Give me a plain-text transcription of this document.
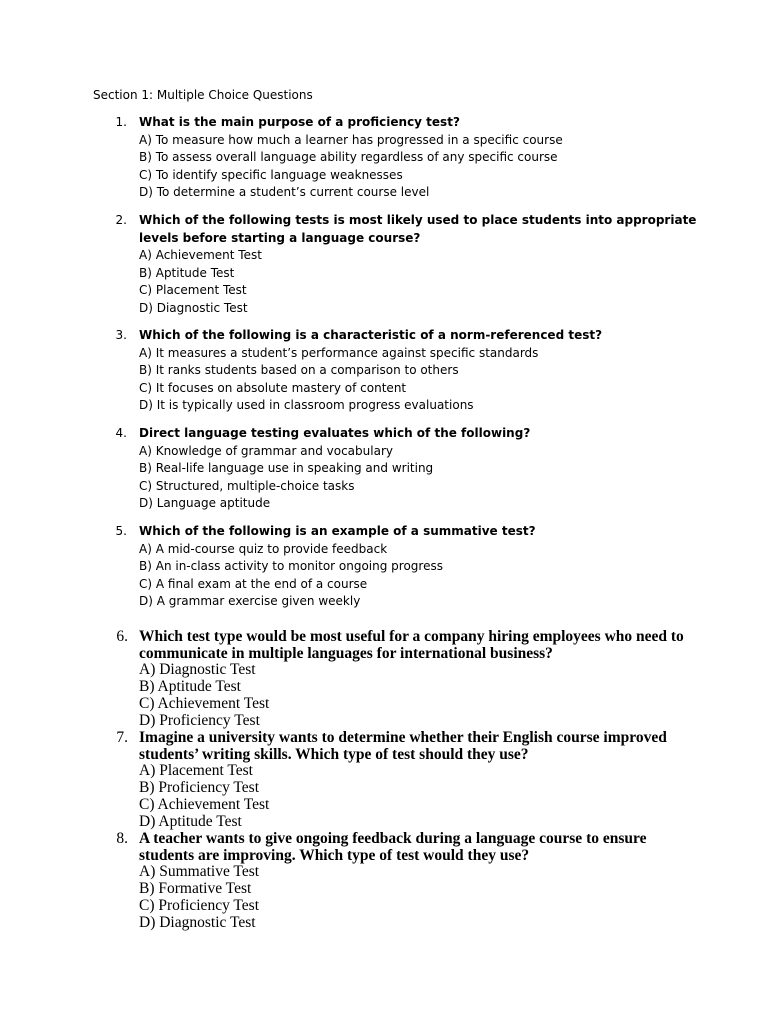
Section 1: Multiple Choice Questions

1. What is the main purpose of a proficiency test?

A) To measure how much a learner has progressed in a specific course
B) To assess overall language ability regardless of any specific course
C) To identify specific language weaknesses
D) To determine a student’s current course level
2. Which of the following tests is most likely used to place students into appropriate levels before starting a language course?

A) Achievement Test
B) Aptitude Test
C) Placement Test
D) Diagnostic Test
3. Which of the following is a characteristic of a norm-referenced test?

A) It measures a student’s performance against specific standards
B) It ranks students based on a comparison to others
C) It focuses on absolute mastery of content
D) It is typically used in classroom progress evaluations
4. Direct language testing evaluates which of the following?

A) Knowledge of grammar and vocabulary
B) Real-life language use in speaking and writing
C) Structured, multiple-choice tasks
D) Language aptitude
5. Which of the following is an example of a summative test?

A) A mid-course quiz to provide feedback
B) An in-class activity to monitor ongoing progress
C) A final exam at the end of a course
D) A grammar exercise given weekly
6. Which test type would be most useful for a company hiring employees who need to communicate in multiple languages for international business?

A) Diagnostic Test
B) Aptitude Test
C) Achievement Test
D) Proficiency Test
7. Imagine a university wants to determine whether their English course improved students’ writing skills. Which type of test should they use?

A) Placement Test
B) Proficiency Test
C) Achievement Test
D) Aptitude Test
8. A teacher wants to give ongoing feedback during a language course to ensure students are improving. Which type of test would they use?

A) Summative Test
B) Formative Test
C) Proficiency Test
D) Diagnostic Test
